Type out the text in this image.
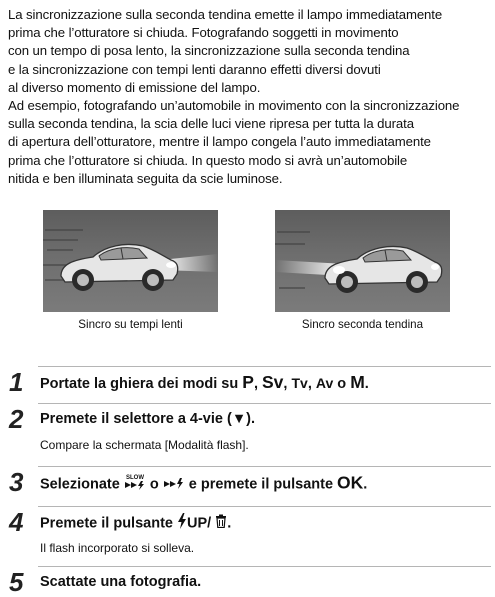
La sincronizzazione sulla seconda tendina emette il lampo immediatamente
prima che l’otturatore si chiuda. Fotografando soggetti in movimento
con un tempo di posa lento, la sincronizzazione sulla seconda tendina
e la sincronizzazione con tempi lenti daranno effetti diversi dovuti
al diverso momento di emissione del lampo.

Ad esempio, fotografando un’automobile in movimento con la sincronizzazione
sulla seconda tendina, la scia delle luci viene ripresa per tutta la durata
di apertura dell’otturatore, mentre il lampo congela l’auto immediatamente
prima che l’otturatore si chiuda. In questo modo si avrà un’automobile
nitida e ben illuminata seguita da scie luminose.

Sincro su tempi lenti	Sincro seconda tendina
1 Portate la ghiera dei modi su P, Sv, Tv, Av o M.
2 Premete il selettore a 4-vie (▼).
Compare la schermata [Modalità flash].
3 Selezionate SLOW o  e premete il pulsante OK.
4 Premete il pulsante UP/ .
Il flash incorporato si solleva.
5 Scattate una fotografia.
